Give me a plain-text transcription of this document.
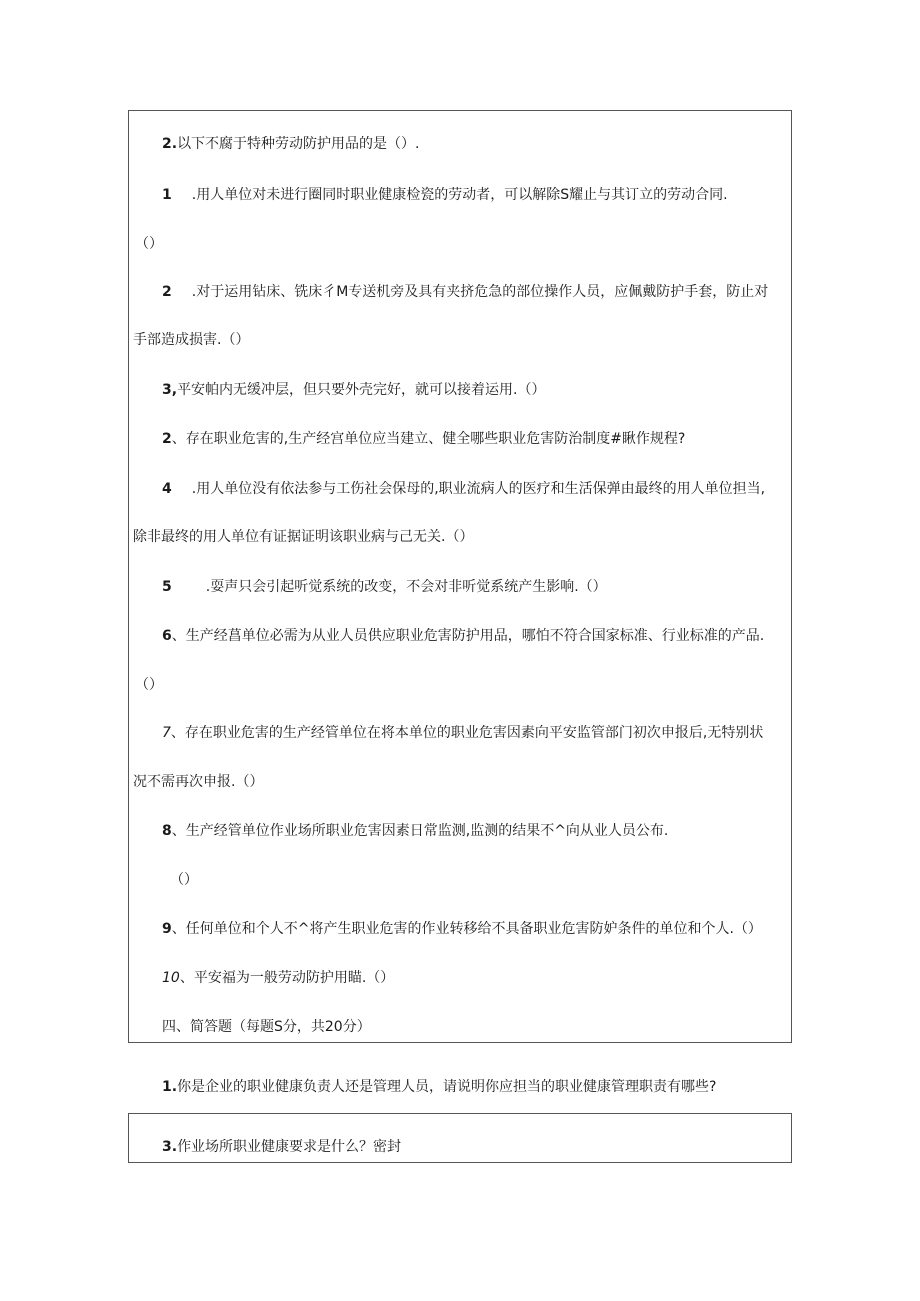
2.以下不腐于特种劳动防护用品的是（）.
1 .用人单位对未进行圈同时职业健康检瓷的劳动者，可以解除S耀止与其订立的劳动合同.
（）
2 .对于运用钻床、铣床彳M专送机旁及具有夹挤危急的部位操作人员，应佩戴防护手套，防止对
手部造成损害.（）
3,平安帕内无缓冲层，但只要外壳完好，就可以接着运用.（）
2、存在职业危害的,生产经宫单位应当建立、健全哪些职业危害防治制度#瞅作规程?
4 .用人单位没有依法参与工伤社会保母的,职业流病人的医疗和生活保弹由最终的用人单位担当,
除非最终的用人单位有证据证明该职业病与己无关.（）
5 .耍声只会引起听觉系统的改变，不会对非听觉系统产生影响.（）
6、生产经菖单位必需为从业人员供应职业危害防护用品，哪怕不符合国家标准、行业标准的产品.
（）
7、存在职业危害的生产经管单位在将本单位的职业危害因素向平安监管部门初次申报后,无特别状
况不需再次申报.（）
8、生产经管单位作业场所职业危害因素日常监测,监测的结果不^向从业人员公布.
（）
9、任何单位和个人不^将产生职业危害的作业转移给不具备职业危害防妒条件的单位和个人.（）
10、平安福为一般劳动防护用瞄.（）
四、简答题（每题S分，共20分）
1.你是企业的职业健康负责人还是管理人员，请说明你应担当的职业健康管理职责有哪些?
3.作业场所职业健康要求是什么？密封
